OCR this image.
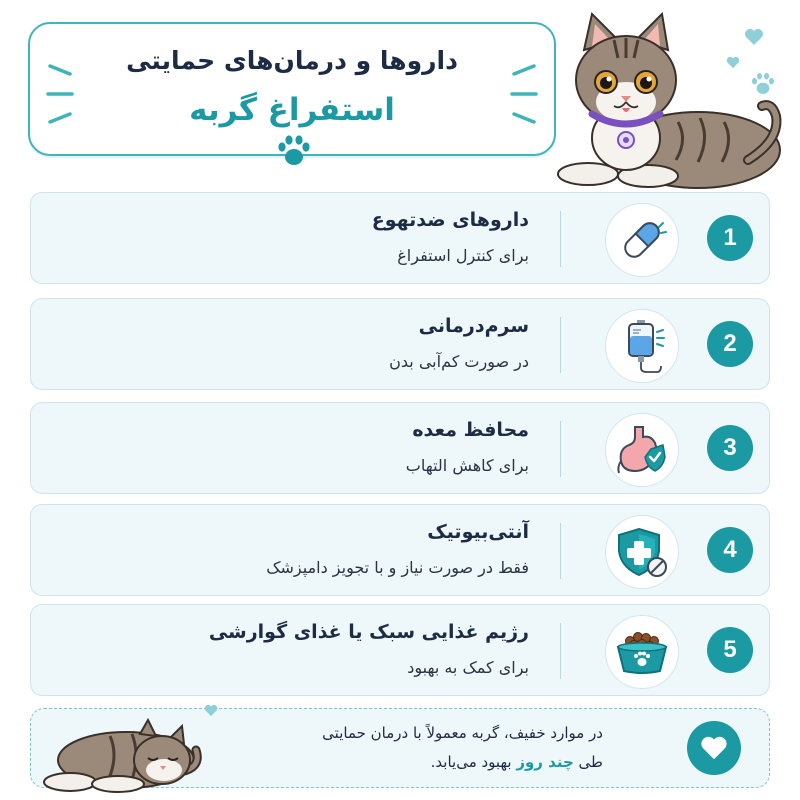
داروها و درمان‌های حمایتی
استفراغ گربه
1
داروهای ضدتهوع
برای کنترل استفراغ
2
سرم‌درمانی
در صورت کم‌آبی بدن
3
محافظ معده
برای کاهش التهاب
4
آنتی‌بیوتیک
فقط در صورت نیاز و با تجویز دامپزشک
5
رژیم غذایی سبک یا غذای گوارشی
برای کمک به بهبود
در موارد خفیف، گربه معمولاً با درمان حمایتی
طی چند روز بهبود می‌یابد.
